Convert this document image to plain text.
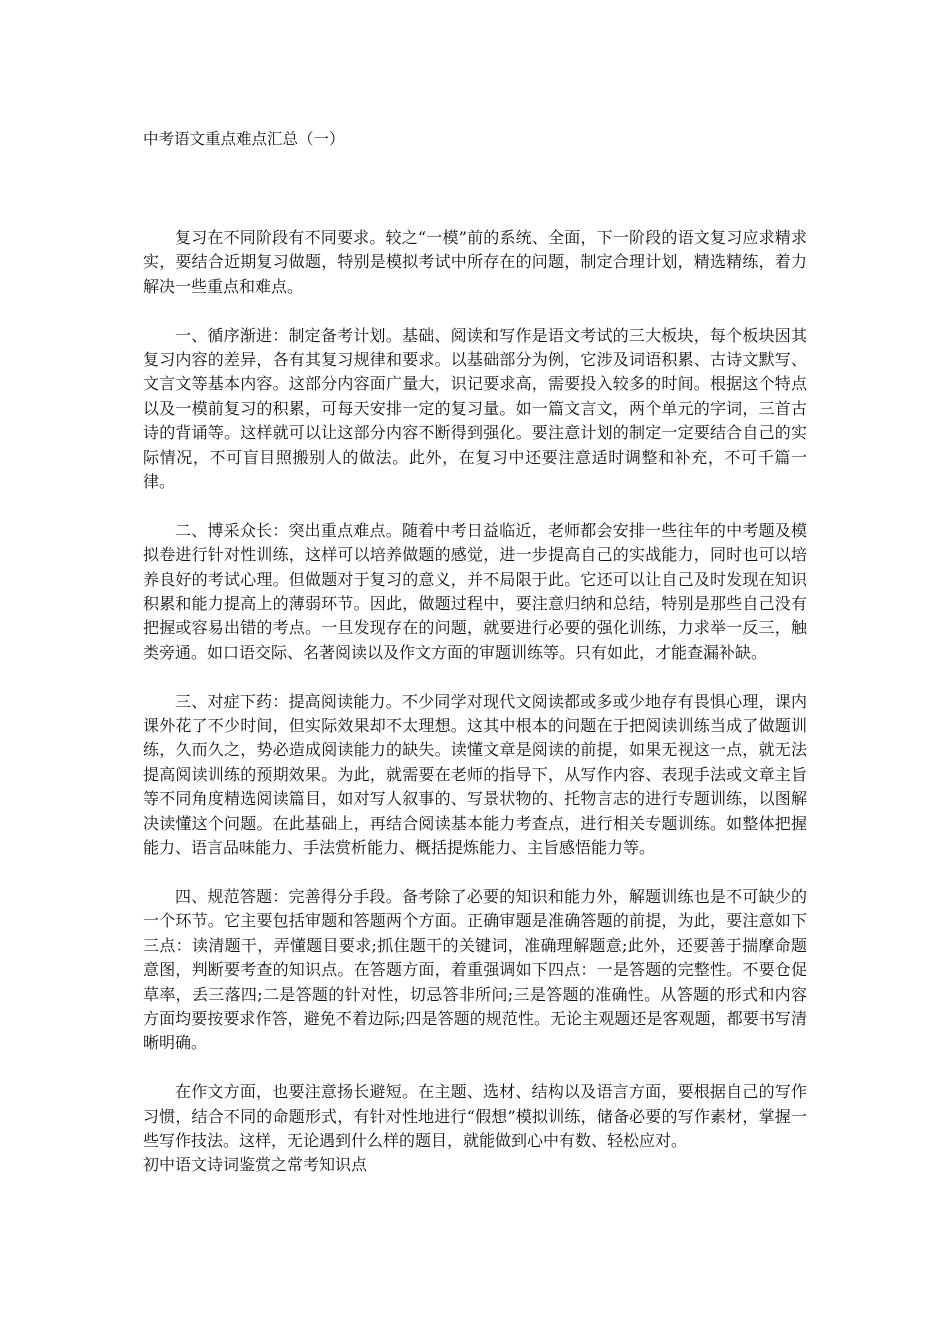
中考语文重点难点汇总（一）

复习在不同阶段有不同要求。较之“一模”前的系统、全面，下一阶段的语文复习应求精求实，要结合近期复习做题，特别是模拟考试中所存在的问题，制定合理计划，精选精练，着力解决一些重点和难点。

一、循序渐进：制定备考计划。基础、阅读和写作是语文考试的三大板块，每个板块因其复习内容的差异，各有其复习规律和要求。以基础部分为例，它涉及词语积累、古诗文默写、文言文等基本内容。这部分内容面广量大，识记要求高，需要投入较多的时间。根据这个特点以及一模前复习的积累，可每天安排一定的复习量。如一篇文言文，两个单元的字词，三首古诗的背诵等。这样就可以让这部分内容不断得到强化。要注意计划的制定一定要结合自己的实际情况，不可盲目照搬别人的做法。此外，在复习中还要注意适时调整和补充，不可千篇一律。

二、博采众长：突出重点难点。随着中考日益临近，老师都会安排一些往年的中考题及模拟卷进行针对性训练，这样可以培养做题的感觉，进一步提高自己的实战能力，同时也可以培养良好的考试心理。但做题对于复习的意义，并不局限于此。它还可以让自己及时发现在知识积累和能力提高上的薄弱环节。因此，做题过程中，要注意归纳和总结，特别是那些自己没有把握或容易出错的考点。一旦发现存在的问题，就要进行必要的强化训练，力求举一反三，触类旁通。如口语交际、名著阅读以及作文方面的审题训练等。只有如此，才能查漏补缺。

三、对症下药：提高阅读能力。不少同学对现代文阅读都或多或少地存有畏惧心理，课内课外花了不少时间，但实际效果却不太理想。这其中根本的问题在于把阅读训练当成了做题训练，久而久之，势必造成阅读能力的缺失。读懂文章是阅读的前提，如果无视这一点，就无法提高阅读训练的预期效果。为此，就需要在老师的指导下，从写作内容、表现手法或文章主旨等不同角度精选阅读篇目，如对写人叙事的、写景状物的、托物言志的进行专题训练，以图解决读懂这个问题。在此基础上，再结合阅读基本能力考查点，进行相关专题训练。如整体把握能力、语言品味能力、手法赏析能力、概括提炼能力、主旨感悟能力等。

四、规范答题：完善得分手段。备考除了必要的知识和能力外，解题训练也是不可缺少的一个环节。它主要包括审题和答题两个方面。正确审题是准确答题的前提，为此，要注意如下三点：读清题干，弄懂题目要求;抓住题干的关键词，准确理解题意;此外，还要善于揣摩命题意图，判断要考查的知识点。在答题方面，着重强调如下四点：一是答题的完整性。不要仓促草率，丢三落四;二是答题的针对性，切忌答非所问;三是答题的准确性。从答题的形式和内容方面均要按要求作答，避免不着边际;四是答题的规范性。无论主观题还是客观题，都要书写清晰明确。

在作文方面，也要注意扬长避短。在主题、选材、结构以及语言方面，要根据自己的写作习惯，结合不同的命题形式，有针对性地进行“假想”模拟训练，储备必要的写作素材，掌握一些写作技法。这样，无论遇到什么样的题目，就能做到心中有数、轻松应对。

初中语文诗词鉴赏之常考知识点
